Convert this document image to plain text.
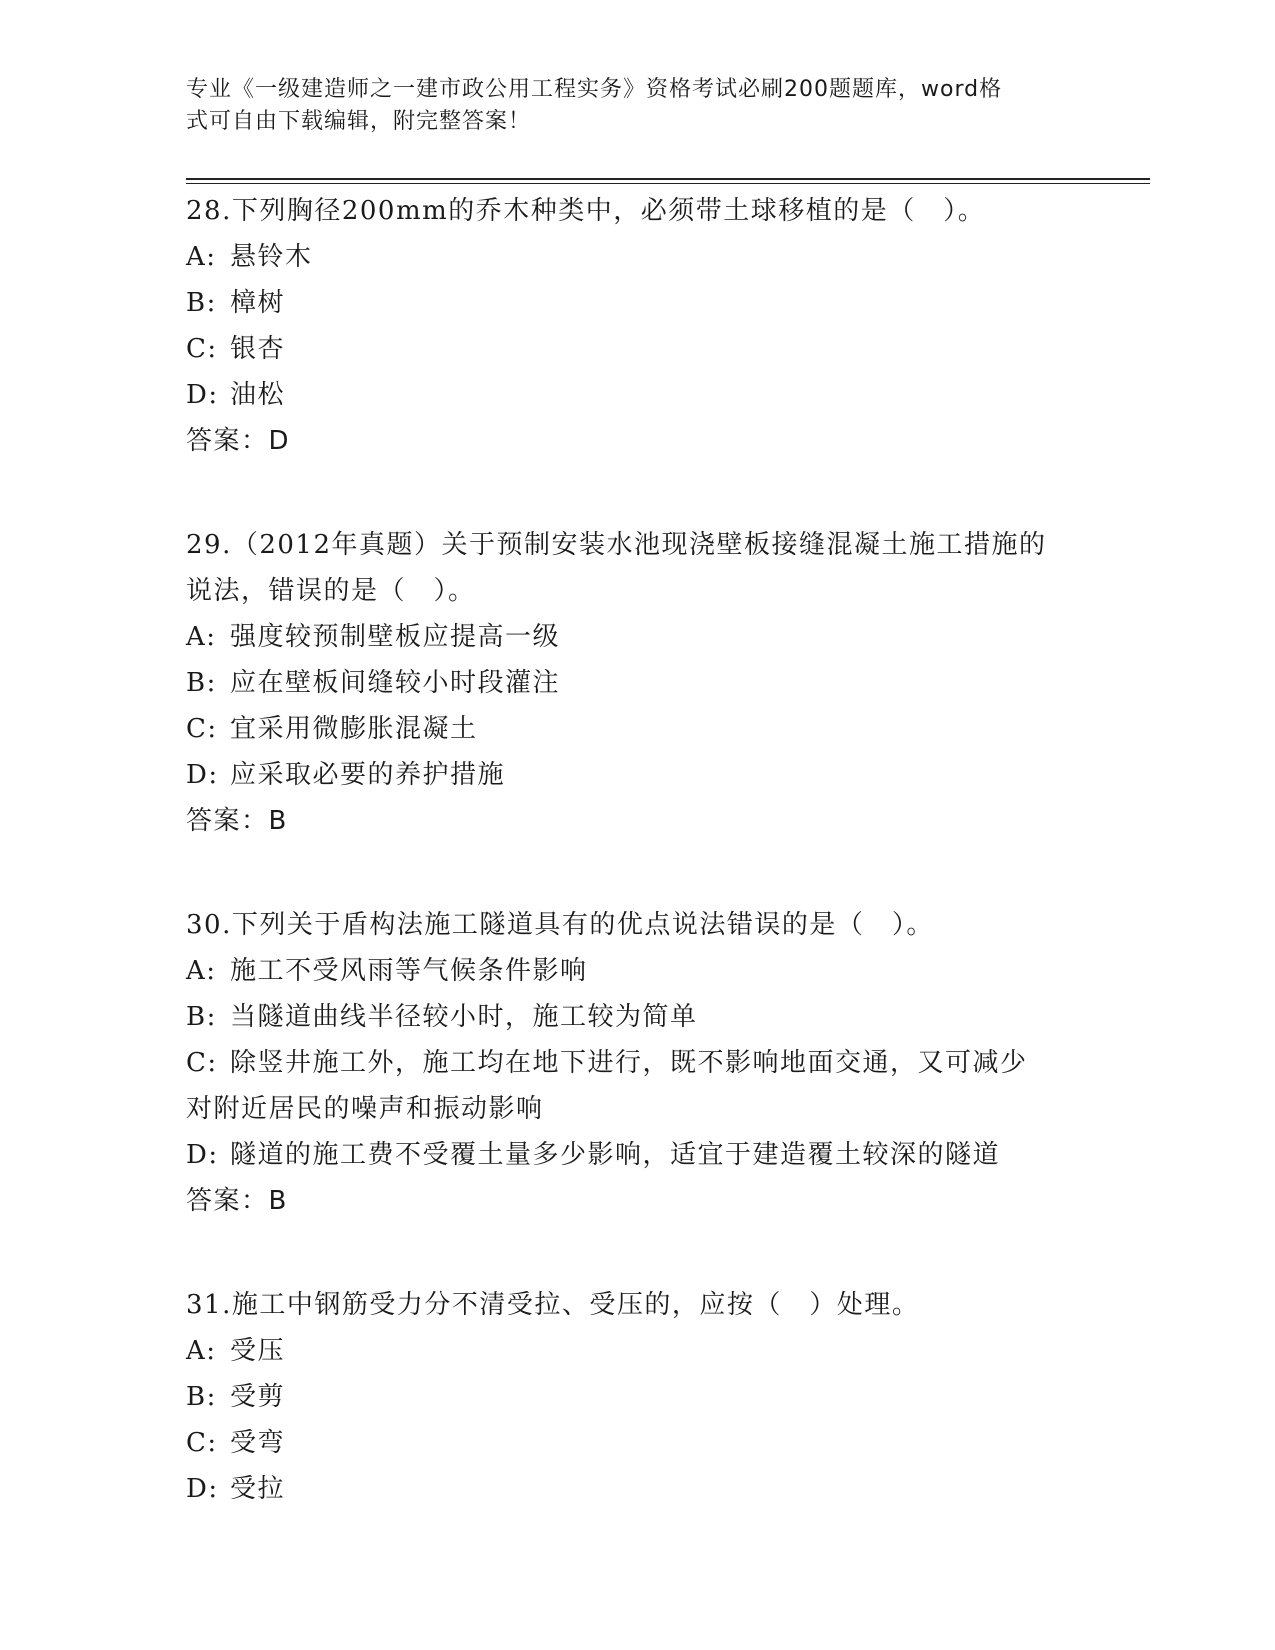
专业《一级建造师之一建市政公用工程实务》资格考试必刷200题题库，word格
式可自由下载编辑，附完整答案！
28.下列胸径200mm的乔木种类中，必须带土球移植的是（　）。
A: 悬铃木
B: 樟树
C: 银杏
D: 油松
答案：D
29.（2012年真题）关于预制安装水池现浇壁板接缝混凝土施工措施的
说法，错误的是（　）。
A: 强度较预制壁板应提高一级
B: 应在壁板间缝较小时段灌注
C: 宜采用微膨胀混凝土
D: 应采取必要的养护措施
答案：B
30.下列关于盾构法施工隧道具有的优点说法错误的是（　）。
A: 施工不受风雨等气候条件影响
B: 当隧道曲线半径较小时，施工较为简单
C: 除竖井施工外，施工均在地下进行，既不影响地面交通，又可减少
对附近居民的噪声和振动影响
D: 隧道的施工费不受覆土量多少影响，适宜于建造覆土较深的隧道
答案：B
31.施工中钢筋受力分不清受拉、受压的，应按（　）处理。
A: 受压
B: 受剪
C: 受弯
D: 受拉
